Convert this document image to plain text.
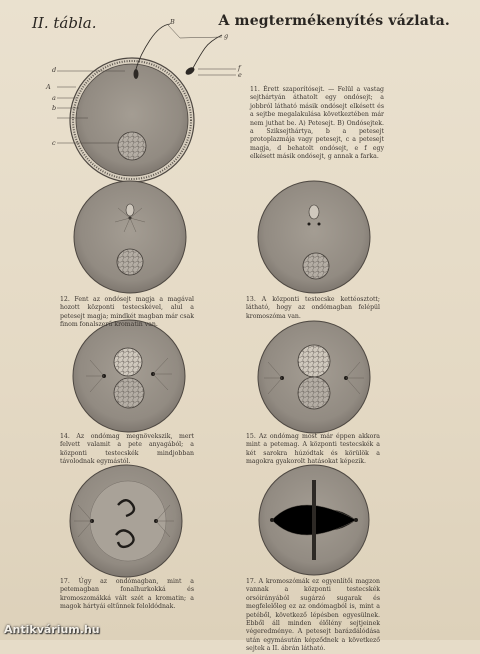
II. tábla.	A megtermékenyítés vázlata.
d
A
a
b
c
B
g
f
e
11. Érett szaporítósejt. — Felül a vastag sejthártyán áthatolt egy ondósejt; a jobbról látható másik ondósejt elkésett és a sejtbe megalakulása következtében már nem juthat be. A) Petesejt. B) Ondósejtek. a Sziksejthártya, b a petesejt protoplazmája vagy petesejt, c a petesejt magja, d behatolt ondósejt, e f egy elkésett másik ondósejt, g annak a farka.
12. Fent az ondósejt magja a magával hozott központi testecskével, alul a petesejt magja; mindkét magban már csak finom fonalszerű kromatin van.
13. A központi testecske kettéosztott; látható, hogy az ondómagban felépül kromoszóma van.
14. Az ondómag megnövekszik, mert felvett valamit a pete anyagából; a központi testecskék mindjobban távolodnak egymástól.
15. Az ondómag most már éppen akkora mint a petemag. A központi testecskék a két sarokra húzódtak és körülök a magokra gyakorolt hatásokat képezik.
17. Úgy az ondómagban, mint a petemagban fonalhurkokká és kromoszomákká vált szét a kromatin; a magok hártyái eltűnnek feloldódnak.
17. A kromoszómák ez egyenlítői magzon vannak a központi testecskék orsóirányából sugárzó sugarak és megfelelőleg ez az ondómagból is, mint a petéből, következő lépésben egyesülnek. Ebből áll minden élőlény sejtjeinek végeredménye. A petesejt barázdálódása után egymásután képződnek a következő sejtek a II. ábrán látható.
Antikvárium.hu
